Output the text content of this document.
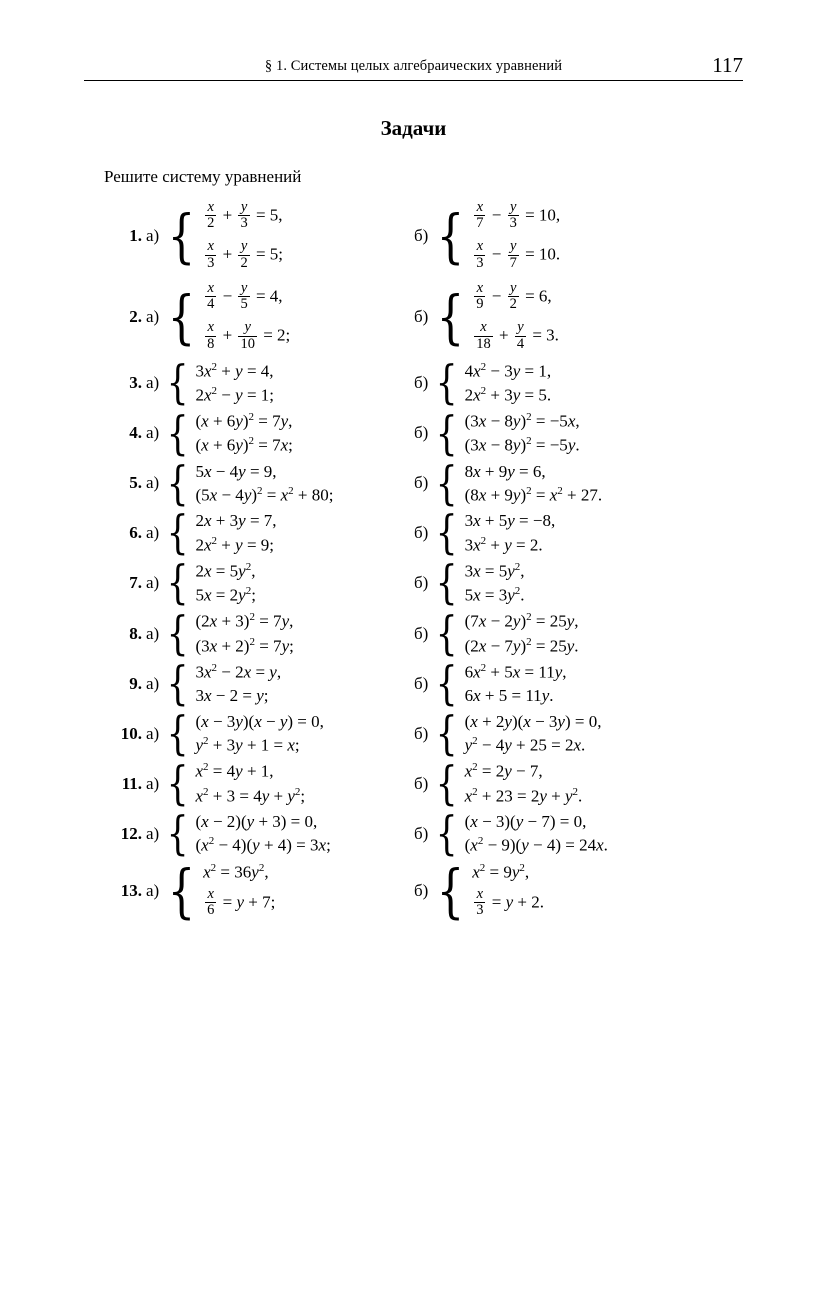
§ 1. Системы целых алгебраических уравнений	117
Задачи
Решите систему уравнений
1. а) { $\frac{x}{2} + \frac{y}{3} = 5$,
$\frac{x}{3} + \frac{y}{2} = 5$;
б) { $\frac{x}{7} - \frac{y}{3} = 10$,
$\frac{x}{3} - \frac{y}{7} = 10$.
2. а) { $\frac{x}{4} - \frac{y}{5} = 4$,
$\frac{x}{8} + \frac{y}{10} = 2$;
б) { $\frac{x}{9} - \frac{y}{2} = 6$,
$\frac{x}{18} + \frac{y}{4} = 3$.
3. а) { $3x^2 + y = 4$,
$2x^2 - y = 1$;
б) { $4x^2 - 3y = 1$,
$2x^2 + 3y = 5$.
4. а) { $(x + 6y)^2 = 7y$,
$(x + 6y)^2 = 7x$;
б) { $(3x - 8y)^2 = -5x$,
$(3x - 8y)^2 = -5y$.
5. а) { 5x − 4y = 9,
$(5x - 4y)^2 = x^2 + 80$;
б) { 8x + 9y = 6,
$(8x + 9y)^2 = x^2 + 27$.
6. а) { 2x + 3y = 7,
$2x^2 + y = 9$;
б) { 3x + 5y = −8,
$3x^2 + y = 2$.
7. а) { $2x = 5y^2$,
$5x = 2y^2$;
б) { $3x = 5y^2$,
$5x = 3y^2$.
8. а) { $(2x + 3)^2 = 7y$,
$(3x + 2)^2 = 7y$;
б) { $(7x - 2y)^2 = 25y$,
$(2x - 7y)^2 = 25y$.
9. а) { $3x^2 - 2x = y$,
3x − 2 = y;
б) { $6x^2 + 5x = 11y$,
6x + 5 = 11y.
10. а) { (x − 3y)(x − y) = 0,
$y^2 + 3y + 1 = x$;
б) { (x + 2y)(x − 3y) = 0,
$y^2 - 4y + 25 = 2x$.
11. а) { $x^2 = 4y + 1$,
$x^2 + 3 = 4y + y^2$;
б) { $x^2 = 2y - 7$,
$x^2 + 23 = 2y + y^2$.
12. а) { (x − 2)(y + 3) = 0,
$(x^2 - 4)(y + 4) = 3x$;
б) { (x − 3)(y − 7) = 0,
$(x^2 - 9)(y - 4) = 24x$.
13. а) { $x^2 = 36y^2$,
$\frac{x}{6} = y + 7$;
б) { $x^2 = 9y^2$,
$\frac{x}{3} = y + 2$.
